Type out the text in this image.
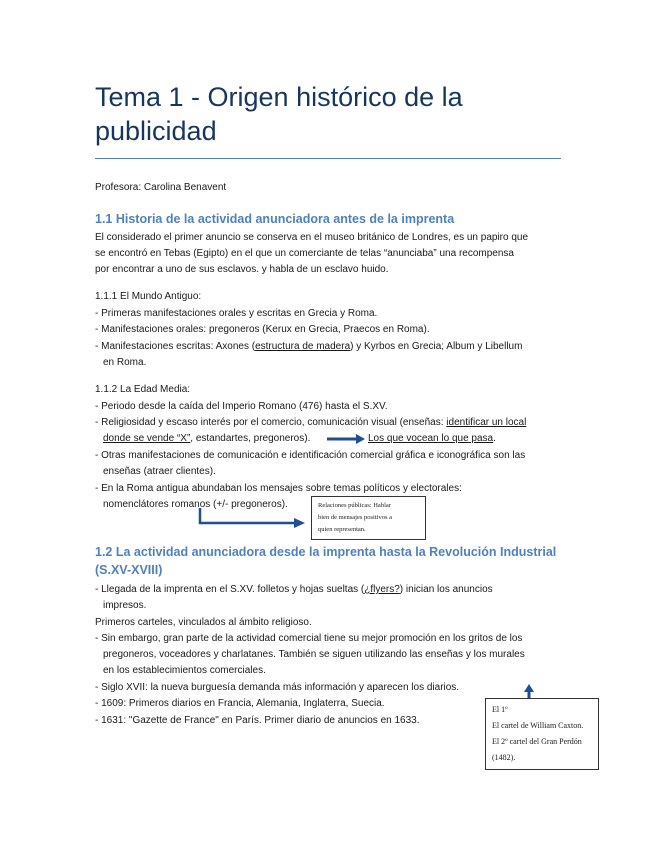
Tema 1 - Origen histórico de la
publicidad
Profesora: Carolina Benavent
1.1 Historia de la actividad anunciadora antes de la imprenta
El considerado el primer anuncio se conserva en el museo británico de Londres, es un papiro que
se encontró en Tebas (Egipto) en el que un comerciante de telas “anunciaba” una recompensa
por encontrar a uno de sus esclavos. y habla de un esclavo huido.
1.1.1 El Mundo Antiguo:
- Primeras manifestaciones orales y escritas en Grecia y Roma.
- Manifestaciones orales: pregoneros (Kerux en Grecia, Praecos en Roma).
- Manifestaciones escritas: Axones (estructura de madera) y Kyrbos en Grecia; Album y Libellum
en Roma.
1.1.2 La Edad Media:
- Periodo desde la caída del Imperio Romano (476) hasta el S.XV.
- Religiosidad y escaso interés por el comercio, comunicación visual (enseñas: identificar un local
donde se vende “X”, estandartes, pregoneros).	Los que vocean lo que pasa.
- Otras manifestaciones de comunicación e identificación comercial gráfica e iconográfica son las
enseñas (atraer clientes).
- En la Roma antigua abundaban los mensajes sobre temas políticos y electorales:
nomenclátores romanos (+/- pregoneros).	Relaciones públicas: Hablar
bien de mensajes positivos a
quien representan.
1.2 La actividad anunciadora desde la imprenta hasta la Revolución Industrial
(S.XV-XVIII)
- Llegada de la imprenta en el S.XV. folletos y hojas sueltas (¿flyers?) inician los anuncios
impresos.
Primeros carteles, vinculados al ámbito religioso.
- Sin embargo, gran parte de la actividad comercial tiene su mejor promoción en los gritos de los
pregoneros, voceadores y charlatanes. También se siguen utilizando las enseñas y los murales
en los establecimientos comerciales.
- Siglo XVII: la nueva burguesía demanda más información y aparecen los diarios.
- 1609: Primeros diarios en Francia, Alemania, Inglaterra, Suecia.
- 1631: "Gazette de France" en París. Primer diario de anuncios en 1633.
El 1º
El cartel de William Caxton.
El 2º cartel del Gran Perdón
(1482).
